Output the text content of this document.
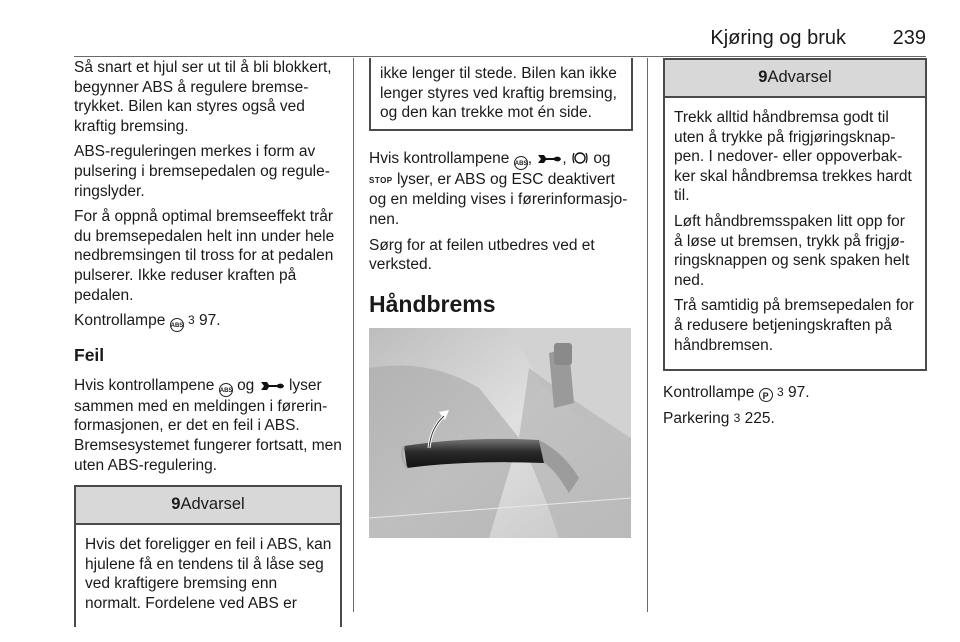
Kjøring og bruk 239

Så snart et hjul ser ut til å bli blokkert, begynner ABS å regulere bremse-trykket. Bilen kan styres også ved kraftig bremsing.

ABS-reguleringen merkes i form av pulsering i bremsepedalen og regule-ringslyder.

For å oppnå optimal bremseeffekt trår du bremsepedalen helt inn under hele nedbremsingen til tross for at pedalen pulserer. Ikke reduser kraften på pedalen.

Kontrollampe ABS 3 97.

Feil

Hvis kontrollampene ABS og lyser sammen med en meldingen i førerin-formasjonen, er det en feil i ABS. Bremsesystemet fungerer fortsatt, men uten ABS-regulering.

9 Advarsel

Hvis det foreligger en feil i ABS, kan hjulene få en tendens til å låse seg ved kraftigere bremsing enn normalt. Fordelene ved ABS er

ikke lenger til stede. Bilen kan ikke lenger styres ved kraftig bremsing, og den kan trekke mot én side.

Hvis kontrollampene ABS, ,  og STOP lyser, er ABS og ESC deaktivert og en melding vises i førerinformasjo-nen.

Sørg for at feilen utbedres ved et verksted.

Håndbrems
9 Advarsel

Trekk alltid håndbremsa godt til uten å trykke på frigjøringsknap-pen. I nedover- eller oppoverbak-ker skal håndbremsa trekkes hardt til.

Løft håndbremsspaken litt opp for å løse ut bremsen, trykk på frigjø-ringsknappen og senk spaken helt ned.

Trå samtidig på bremsepedalen for å redusere betjeningskraften på håndbremsen.

Kontrollampe P 3 97.

Parkering 3 225.
